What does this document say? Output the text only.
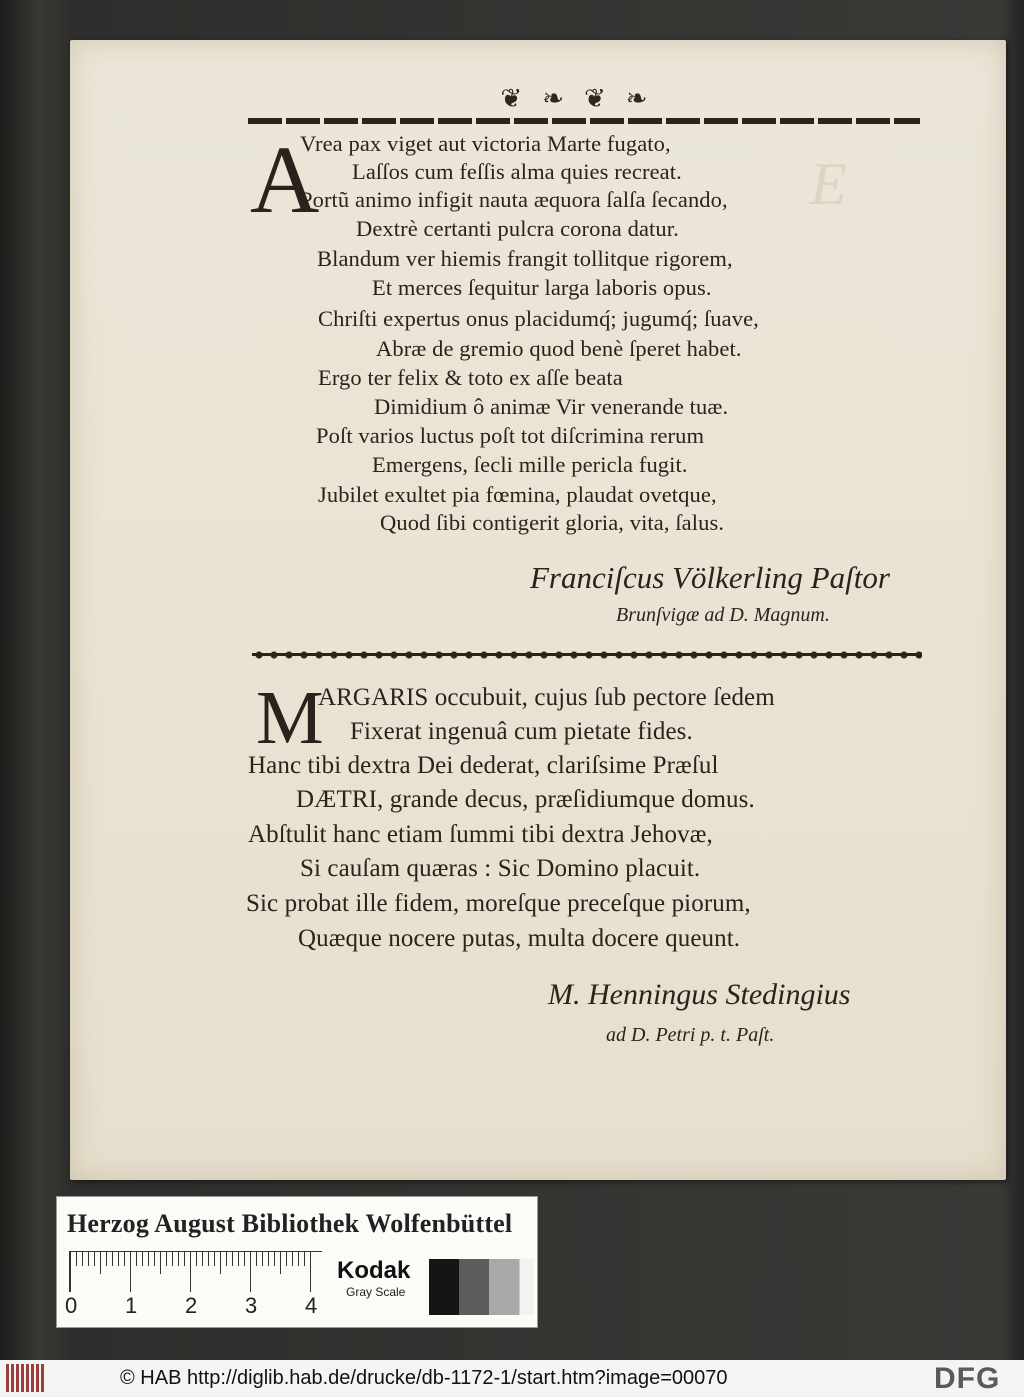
E
❦ ❧ ❦ ❧
A
Vrea pax viget aut victoria Marte fugato,
Laſſos cum feſſis alma quies recreat.
Portũ animo infigit nauta æquora ſalſa ſecando,
Dextrè certanti pulcra corona datur.
Blandum ver hiemis frangit tollitque rigorem,
Et merces ſequitur larga laboris opus.
Chriſti expertus onus placidumq́; jugumq́; ſuave,
Abræ de gremio quod benè ſperet habet.
Ergo ter felix & toto ex aſſe beata
Dimidium ô animæ Vir venerande tuæ.
Poſt varios luctus poſt tot diſcrimina rerum
Emergens, ſecli mille pericla fugit.
Jubilet exultet pia fœmina, plaudat ovetque,
Quod ſibi contigerit gloria, vita, ſalus.
Franciſcus Völkerling Paſtor
Brunſvigæ ad D. Magnum.
M
ARGARIS occubuit, cujus ſub pectore ſedem
Fixerat ingenuâ cum pietate fides.
Hanc tibi dextra Dei dederat, clariſsime Præſul
DÆTRI, grande decus, præſidiumque domus.
Abſtulit hanc etiam ſummi tibi dextra Jehovæ,
Si cauſam quæras : Sic Domino placuit.
Sic probat ille fidem, moreſque preceſque piorum,
Quæque nocere putas, multa docere queunt.
M. Henningus Stedingius
ad D. Petri p. t. Paſt.
Herzog August Bibliothek Wolfenbüttel
0 1 2 3 4
Kodak
Gray Scale
© HAB http://diglib.hab.de/drucke/db-1172-1/start.htm?image=00070	DFG
